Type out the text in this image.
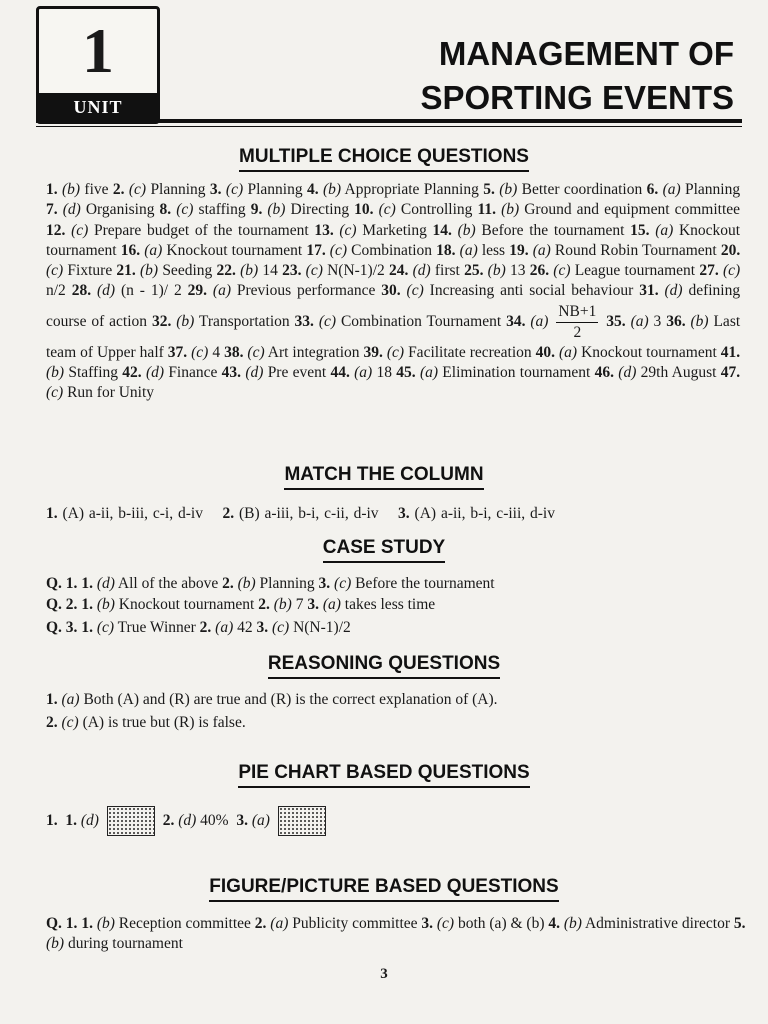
1
UNIT
MANAGEMENT OF
SPORTING EVENTS
MULTIPLE CHOICE QUESTIONS

1. (b) five 2. (c) Planning 3. (c) Planning 4. (b) Appropriate Planning 5. (b) Better coordination 6. (a) Planning 7. (d) Organising 8. (c) staffing 9. (b) Directing 10. (c) Controlling 11. (b) Ground and equipment committee 12. (c) Prepare budget of the tournament 13. (c) Marketing 14. (b) Before the tournament 15. (a) Knockout tournament 16. (a) Knockout tournament 17. (c) Combination 18. (a) less 19. (a) Round Robin Tournament 20. (c) Fixture 21. (b) Seeding 22. (b) 14 23. (c) N(N-1)/2 24. (d) first 25. (b) 13 26. (c) League tournament 27. (c) n/2 28. (d) (n - 1)/ 2 29. (a) Previous performance 30. (c) Increasing anti social behaviour 31. (d) defining course of action 32. (b) Transportation 33. (c) Combination Tournament 34. $(a) \frac{NB+1}{2} 35$. (a) 3 36. (b) Last team of Upper half 37. (c) 4 38. (c) Art integration 39. (c) Facilitate recreation 40. (a) Knockout tournament 41. (b) Staffing 42. (d) Finance 43. (d) Pre event 44. (a) 18 45. (a) Elimination tournament 46. (d) 29th August 47. (c) Run for Unity

MATCH THE COLUMN

1. (A) a-ii, b-iii, c-i, d-iv 2. (B) a-iii, b-i, c-ii, d-iv 3. (A) a-ii, b-i, c-iii, d-iv

CASE STUDY

Q. 1. 1. (d) All of the above 2. (b) Planning 3. (c) Before the tournament

Q. 2. 1. (b) Knockout tournament 2. (b) 7 3. (a) takes less time

Q. 3. 1. (c) True Winner 2. (a) 42 3. (c) N(N-1)/2

REASONING QUESTIONS

1. (a) Both (A) and (R) are true and (R) is the correct explanation of (A).

2. (c) (A) is true but (R) is false.

PIE CHART BASED QUESTIONS

1. 1. (d)	2. (d) 40% 3. (a)

FIGURE/PICTURE BASED QUESTIONS

Q. 1. 1. (b) Reception committee 2. (a) Publicity committee 3. (c) both (a) & (b) 4. (b) Administrative director 5. (b) during tournament

3
